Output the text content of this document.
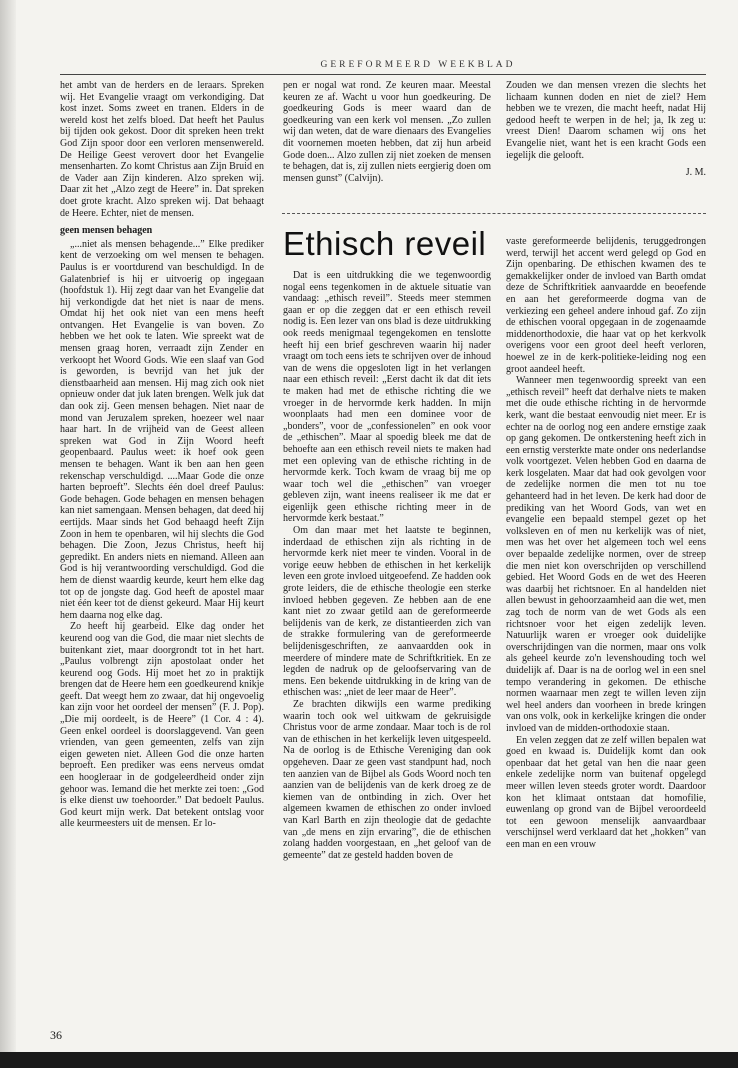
GEREFORMEERD WEEKBLAD

het ambt van de herders en de leraars. Spreken wij. Het Evangelie vraagt om verkondiging. Dat kost inzet. Soms zweet en tranen. Elders in de wereld kost het zelfs bloed. Dat heeft het Paulus bij tijden ook gekost. Door dit spreken heen trekt God Zijn spoor door een verloren mensenwereld. De Heilige Geest verovert door het Evangelie mensenharten. Zo komt Christus aan Zijn Bruid en de Vader aan Zijn kinderen. Alzo spreken wij. Daar zit het „Alzo zegt de Heere” in. Dat spreken doet grote kracht. Alzo spreken wij. Dat behaagt de Heere. Echter, niet de mensen.

geen mensen behagen

„...niet als mensen behagende...” Elke prediker kent de verzoeking om wel mensen te behagen. Paulus is er voortdurend van beschuldigd. In de Galatenbrief is hij er uitvoerig op ingegaan (hoofdstuk 1). Hij zegt daar van het Evangelie dat hij verkondigde dat het niet is naar de mens. Omdat hij het ook niet van een mens heeft ontvangen. Het Evangelie is van boven. Zo hebben we het ook te laten. Wie spreekt wat de mensen graag horen, verraadt zijn Zender en verkoopt het Woord Gods. Wie een slaaf van God is geworden, is bevrijd van het juk der dienstbaarheid aan mensen. Hij mag zich ook niet opnieuw onder dat juk laten brengen. Welk juk dat dan ook zij. Geen mensen behagen. Niet naar de mond van Jeruzalem spreken, hoezeer wel naar haar hart. In de vrijheid van de Geest alleen spreken wat God in Zijn Woord heeft geopenbaard. Paulus weet: ik hoef ook geen mensen te behagen. Want ik ben aan hen geen rekenschap verschuldigd. ....Maar Gode die onze harten beproeft”. Slechts één doel dreef Paulus: Gode behagen. Gode behagen en mensen behagen kan niet samengaan. Mensen behagen, dat deed hij eertijds. Maar sinds het God behaagd heeft Zijn Zoon in hem te openbaren, wil hij slechts die God behagen. Die Zoon, Jezus Christus, heeft hij gepredikt. En anders niets en niemand. Alleen aan God is hij verantwoording verschuldigd. God die hem de dienst waardig keurde, keurt hem elke dag tot op de jongste dag. God heeft de apostel maar niet één keer tot de dienst gekeurd. Maar Hij keurt hem daarna nog elke dag.

Zo heeft hij gearbeid. Elke dag onder het keurend oog van die God, die maar niet slechts de buitenkant ziet, maar doorgrondt tot in het hart. „Paulus volbrengt zijn apostolaat onder het keurend oog Gods. Hij moet het zo in praktijk brengen dat de Heere hem een goedkeurend knikje geeft. Dat weegt hem zo zwaar, dat hij ongevoelig kan zijn voor het oordeel der mensen” (F. J. Pop). „Die mij oordeelt, is de Heere” (1 Cor. 4 : 4). Geen enkel oordeel is doorslaggevend. Van geen vrienden, van geen gemeenten, zelfs van zijn eigen geweten niet. Alleen God die onze harten beproeft. Een prediker was eens nerveus omdat een hoogleraar in de godgeleerdheid onder zijn gehoor was. Iemand die het merkte zei toen: „God is elke dienst uw toehoorder.” Dat bedoelt Paulus. God keurt mijn werk. Dat betekent ontslag voor alle keurmeesters uit de mensen. Er lo-

pen er nogal wat rond. Ze keuren maar. Meestal keuren ze af. Wacht u voor hun goedkeuring. De goedkeuring Gods is meer waard dan de goedkeuring van een kerk vol mensen. „Zo zullen wij dan weten, dat de ware dienaars des Evangelies dit voornemen moeten hebben, dat zij hun arbeid Gode doen... Alzo zullen zij niet zoeken de mensen te behagen, dat is, zij zullen niets eergierig doen om mensen gunst” (Calvijn).

Zouden we dan mensen vrezen die slechts het lichaam kunnen doden en niet de ziel? Hem hebben we te vrezen, die macht heeft, nadat Hij gedood heeft te werpen in de hel; ja, Ik zeg u: vreest Dien! Daarom schamen wij ons het Evangelie niet, want het is een kracht Gods een iegelijk die gelooft.

J. M.
Ethisch reveil

Dat is een uitdrukking die we tegenwoordig nogal eens tegenkomen in de aktuele situatie van vandaag: „ethisch reveil”. Steeds meer stemmen gaan er op die zeggen dat er een ethisch reveil nodig is. Een lezer van ons blad is deze uitdrukking ook reeds menigmaal tegengekomen en tenslotte heeft hij een brief geschreven waarin hij nader vraagt om toch eens iets te schrijven over de inhoud van de wens die opgesloten ligt in het verlangen naar een ethisch reveil: „Eerst dacht ik dat dit iets te maken had met de ethische richting die we vroeger in de hervormde kerk hadden. In mijn woonplaats had men een dominee voor de „bonders”, voor de „confessionelen” en ook voor de „ethischen”. Maar al spoedig bleek me dat de behoefte aan een ethisch reveil niets te maken had met een opleving van de ethische richting in de hervormde kerk. Toch kwam de vraag bij me op waar toch wel die „ethischen” van vroeger gebleven zijn, want ineens realiseer ik me dat er eigenlijk geen ethische richting meer in de hervormde kerk bestaat.”

Om dan maar met het laatste te beginnen, inderdaad de ethischen zijn als richting in de hervormde kerk niet meer te vinden. Vooral in de vorige eeuw hebben de ethischen in het kerkelijk leven een grote invloed uitgeoefend. Ze hadden ook grote leiders, die de ethische theologie een sterke invloed hebben gegeven. Ze hebben aan de ene kant niet zo zwaar getild aan de gereformeerde belijdenis van de kerk, ze distantieerden zich van de strakke formulering van de gereformeerde belijdenisgeschriften, ze aanvaardden ook in meerdere of mindere mate de Schriftkritiek. En ze legden de nadruk op de geloofservaring van de mens. Een bekende uitdrukking in de kring van de ethischen was: „niet de leer maar de Heer”.

Ze brachten dikwijls een warme prediking waarin toch ook wel uitkwam de gekruisigde Christus voor de arme zondaar. Maar toch is de rol van de ethischen in het kerkelijk leven uitgespeeld. Na de oorlog is de Ethische Vereniging dan ook opgeheven. Daar ze geen vast standpunt had, noch ten aanzien van de Bijbel als Gods Woord noch ten aanzien van de belijdenis van de kerk droeg ze de kiemen van de ontbinding in zich. Over het algemeen kwamen de ethischen zo onder invloed van Karl Barth en zijn theologie dat de gedachte van „de mens en zijn ervaring”, die de ethischen zolang hadden voorgestaan, en „het geloof van de gemeente” dat ze gesteld hadden boven de

vaste gereformeerde belijdenis, teruggedrongen werd, terwijl het accent werd gelegd op God en Zijn openbaring. De ethischen kwamen des te gemakkelijker onder de invloed van Barth omdat deze de Schriftkritiek aanvaardde en beoefende en aan het gereformeerde dogma van de verkiezing een geheel andere inhoud gaf. Zo zijn de ethischen vooral opgegaan in de zogenaamde middenorthodoxie, die haar vat op het kerkvolk overigens voor een groot deel heeft verloren, hoewel ze in de kerk-politieke-leiding nog een groot aandeel heeft.

Wanneer men tegenwoordig spreekt van een „ethisch reveil” heeft dat derhalve niets te maken met die oude ethische richting in de hervormde kerk, want die bestaat eenvoudig niet meer. Er is echter na de oorlog nog een andere ernstige zaak op gang gekomen. De ontkerstening heeft zich in een ernstig versterkte mate onder ons nederlandse volk voortgezet. Velen hebben God en daarna de kerk losgelaten. Maar dat had ook gevolgen voor de zedelijke normen die men tot nu toe gehanteerd had in het leven. De kerk had door de prediking van het Woord Gods, van wet en evangelie een bepaald stempel gezet op het volksleven en of men nu kerkelijk was of niet, men was het over het algemeen toch wel eens over bepaalde zedelijke normen, over de streep die men niet kon overschrijden op verschillend gebied. Het Woord Gods en de wet des Heeren was daarbij het richtsnoer. En al handelden niet allen bewust in gehoorzaamheid aan die wet, men zag toch de norm van de wet Gods als een richtsnoer voor het eigen zedelijk leven. Natuurlijk waren er vroeger ook duidelijke overschrijdingen van die normen, maar ons volk als geheel keurde zo'n levenshouding toch wel duidelijk af. Daar is na de oorlog wel in een snel tempo verandering in gekomen. De ethische normen waarnaar men zegt te willen leven zijn wel heel anders dan voorheen in brede kringen van ons volk, ook in kerkelijke kringen die onder invloed van de midden-orthodoxie staan.

En velen zeggen dat ze zelf willen bepalen wat goed en kwaad is. Duidelijk komt dan ook openbaar dat het getal van hen die naar geen enkele zedelijke norm van buitenaf opgelegd meer willen leven steeds groter wordt. Daardoor kon het klimaat ontstaan dat homofilie, euwenlang op grond van de Bijbel veroordeeld tot een gewoon menselijk aanvaardbaar verschijnsel werd verklaard dat het „hokken” van een man en een vrouw

36
